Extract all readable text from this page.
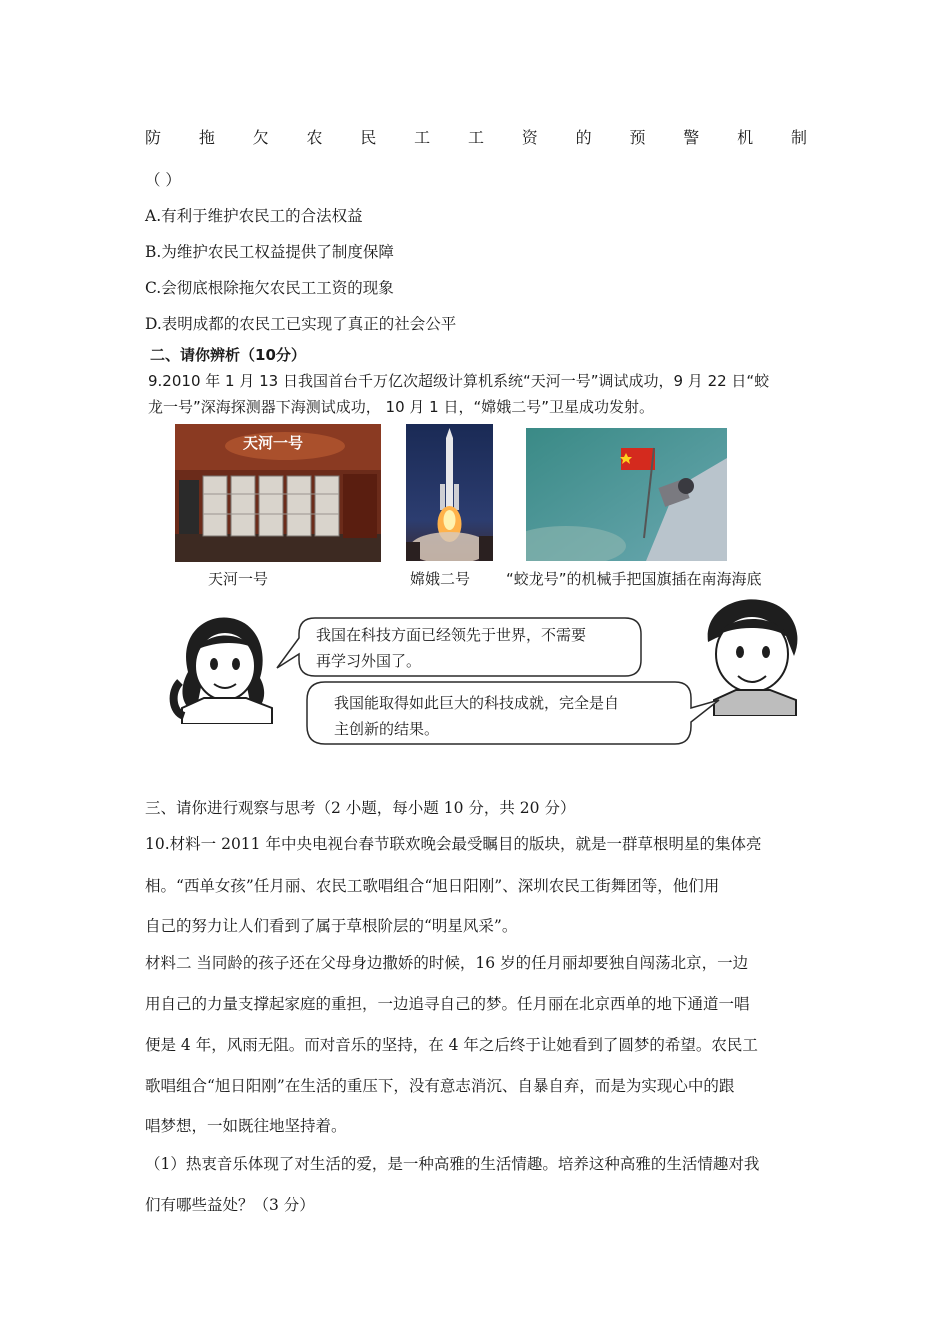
防 拖 欠 农 民 工 工 资 的 预 警 机 制
（ ）
A.有利于维护农民工的合法权益
B.为维护农民工权益提供了制度保障
C.会彻底根除拖欠农民工工资的现象
D.表明成都的农民工已实现了真正的社会公平
二、请你辨析（10分）
9.2010 年 1 月 13 日我国首台千万亿次超级计算机系统“天河一号”调试成功，9 月 22 日“蛟
龙一号”深海探测器下海测试成功， 10 月 1 日，“嫦娥二号”卫星成功发射。
天河一号
天河一号	嫦娥二号 “蛟龙号”的机械手把国旗插在南海海底
我国在科技方面已经领先于世界，不需要
再学习外国了。
我国能取得如此巨大的科技成就，完全是自
主创新的结果。
三、请你进行观察与思考（2 小题，每小题 10 分，共 20 分）
10.材料一 2011 年中央电视台春节联欢晚会最受瞩目的版块，就是一群草根明星的集体亮
相。“西单女孩”任月丽、农民工歌唱组合“旭日阳刚”、深圳农民工街舞团等，他们用
自己的努力让人们看到了属于草根阶层的“明星风采”。
材料二 当同龄的孩子还在父母身边撒娇的时候，16 岁的任月丽却要独自闯荡北京，一边
用自己的力量支撑起家庭的重担，一边追寻自己的梦。任月丽在北京西单的地下通道一唱
便是 4 年，风雨无阻。而对音乐的坚持，在 4 年之后终于让她看到了圆梦的希望。农民工
歌唱组合“旭日阳刚”在生活的重压下，没有意志消沉、自暴自弃，而是为实现心中的跟
唱梦想，一如既往地坚持着。
（1）热衷音乐体现了对生活的爱，是一种高雅的生活情趣。培养这种高雅的生活情趣对我
们有哪些益处？（3 分）
